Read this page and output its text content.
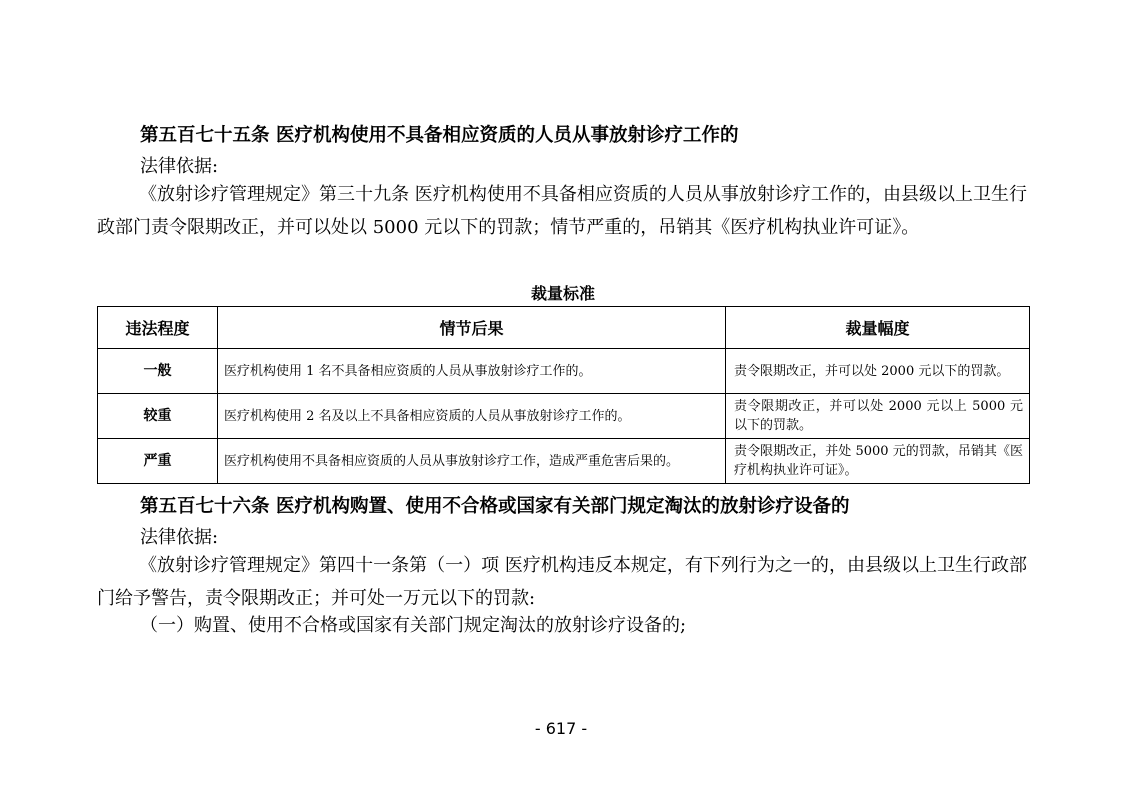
第五百七十五条 医疗机构使用不具备相应资质的人员从事放射诊疗工作的
法律依据:

《放射诊疗管理规定》第三十九条 医疗机构使用不具备相应资质的人员从事放射诊疗工作的，由县级以上卫生行政部门责令限期改正，并可以处以 5000 元以下的罚款；情节严重的，吊销其《医疗机构执业许可证》。

裁量标准
违法程度	情节后果	裁量幅度
一般	医疗机构使用 1 名不具备相应资质的人员从事放射诊疗工作的。	责令限期改正，并可以处 2000 元以下的罚款。
较重	医疗机构使用 2 名及以上不具备相应资质的人员从事放射诊疗工作的。	责令限期改正，并可以处 2000 元以上 5000 元以下的罚款。
严重	医疗机构使用不具备相应资质的人员从事放射诊疗工作，造成严重危害后果的。	责令限期改正，并处 5000 元的罚款，吊销其《医疗机构执业许可证》。
第五百七十六条 医疗机构购置、使用不合格或国家有关部门规定淘汰的放射诊疗设备的
法律依据:

《放射诊疗管理规定》第四十一条第（一）项 医疗机构违反本规定，有下列行为之一的，由县级以上卫生行政部门给予警告，责令限期改正；并可处一万元以下的罚款:

（一）购置、使用不合格或国家有关部门规定淘汰的放射诊疗设备的;
- 617 -
